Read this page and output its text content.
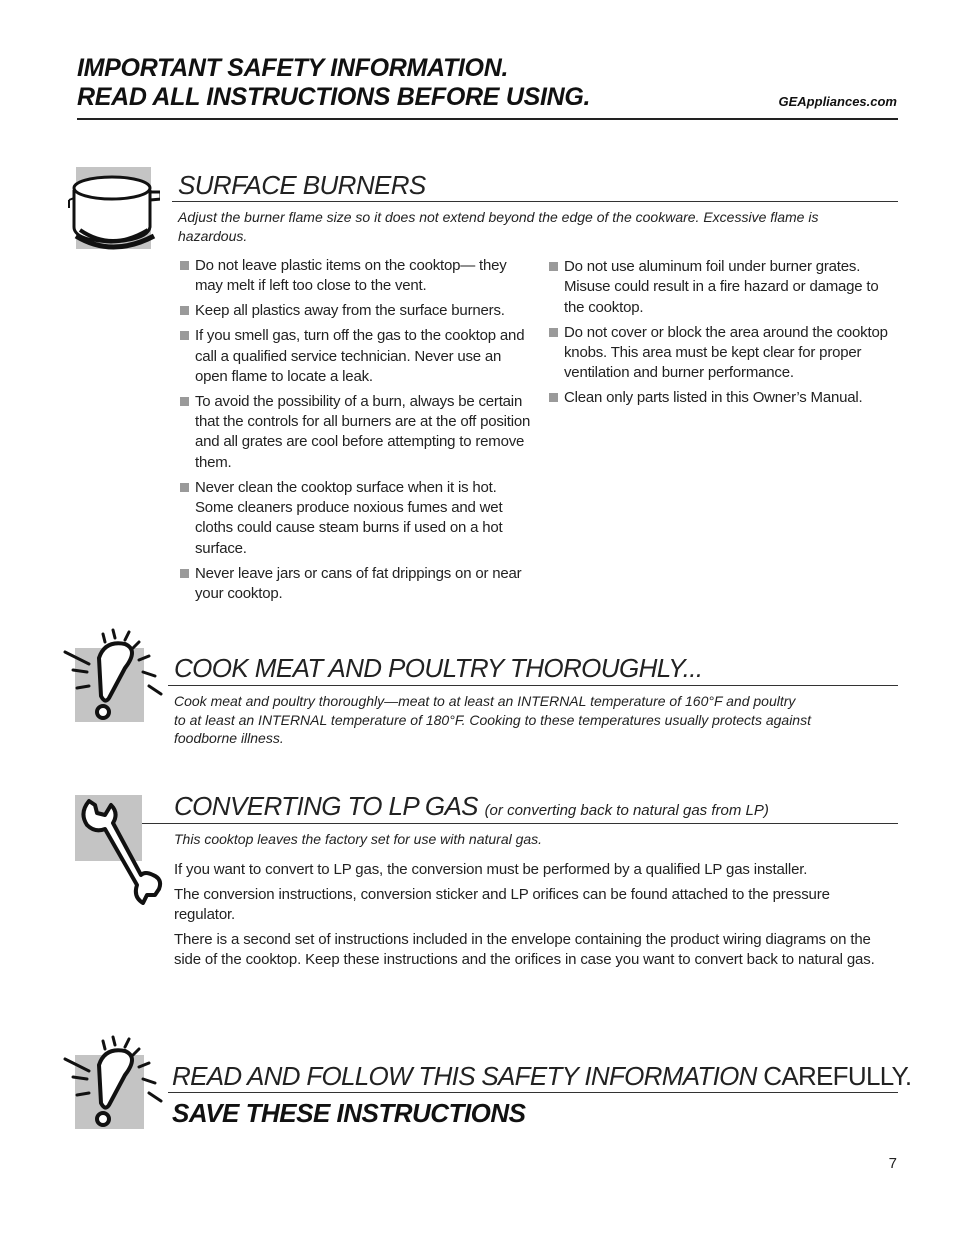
IMPORTANT SAFETY INFORMATION.
READ ALL INSTRUCTIONS BEFORE USING.	GEAppliances.com
SURFACE BURNERS
Adjust the burner flame size so it does not extend beyond the edge of the cookware. Excessive flame is hazardous.
Do not leave plastic items on the cooktop— they may melt if left too close to the vent.
Keep all plastics away from the surface burners.
If you smell gas, turn off the gas to the cooktop and call a qualified service technician. Never use an open flame to locate a leak.
To avoid the possibility of a burn, always be certain that the controls for all burners are at the off position and all grates are cool before attempting to remove them.
Never clean the cooktop surface when it is hot. Some cleaners produce noxious fumes and wet cloths could cause steam burns if used on a hot surface.
Never leave jars or cans of fat drippings on or near your cooktop.
Do not use aluminum foil under burner grates. Misuse could result in a fire hazard or damage to the cooktop.
Do not cover or block the area around the cooktop knobs. This area must be kept clear for proper ventilation and burner performance.
Clean only parts listed in this Owner’s Manual.
COOK MEAT AND POULTRY THOROUGHLY...
Cook meat and poultry thoroughly—meat to at least an INTERNAL temperature of 160°F and poultry
to at least an INTERNAL temperature of 180°F. Cooking to these temperatures usually protects against
foodborne illness.
CONVERTING TO LP GAS (or converting back to natural gas from LP)
This cooktop leaves the factory set for use with natural gas.

If you want to convert to LP gas, the conversion must be performed by a qualified LP gas installer.

The conversion instructions, conversion sticker and LP orifices can be found attached to the pressure regulator.

There is a second set of instructions included in the envelope containing the product wiring diagrams on the side of the cooktop. Keep these instructions and the orifices in case you want to convert back to natural gas.

READ AND FOLLOW THIS SAFETY INFORMATION CAREFULLY.
SAVE THESE INSTRUCTIONS
7
